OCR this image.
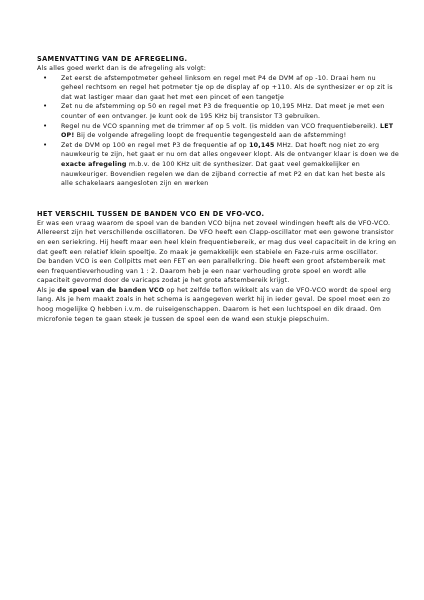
SAMENVATTING VAN DE AFREGELING.

Als alles goed werkt dan is de afregeling als volgt:

• Zet eerst de afstempotmeter geheel linksom en regel met P4 de DVM af op -10. Draai hem nu geheel rechtsom en regel het potmeter tje op de display af op +110. Als de synthesizer er op zit is dat wat lastiger maar dan gaat het met een pincet of een tangetje
• Zet nu de afstemming op 50 en regel met P3 de frequentie op 10,195 MHz. Dat meet je met een counter of een ontvanger. Je kunt ook de 195 KHz bij transistor T3 gebruiken.
• Regel nu de VCO spanning met de trimmer af op 5 volt. (is midden van VCO frequentiebereik). LET OP! Bij de volgende afregeling loopt de frequentie tegengesteld aan de afstemming!
• Zet de DVM op 100 en regel met P3 de frequentie af op 10,145 MHz. Dat hoeft nog niet zo erg nauwkeurig te zijn, het gaat er nu om dat alles ongeveer klopt. Als de ontvanger klaar is doen we de exacte afregeling m.b.v. de 100 KHz uit de synthesizer. Dat gaat veel gemakkelijker en nauwkeuriger. Bovendien regelen we dan de zijband correctie af met P2 en dat kan het beste als alle schakelaars aangesloten zijn en werken

HET VERSCHIL TUSSEN DE BANDEN VCO EN DE VFO-VCO.

Er was een vraag waarom de spoel van de banden VCO bijna net zoveel windingen heeft als de VFO-VCO.

Allereerst zijn het verschillende oscillatoren. De VFO heeft een Clapp-oscillator met een gewone transistor en een seriekring. Hij heeft maar een heel klein frequentiebereik, er mag dus veel capaciteit in de kring en dat geeft een relatief klein spoeltje. Zo maak je gemakkelijk een stabiele en Faze-ruis arme oscillator.

De banden VCO is een Collpitts met een FET en een parallelkring. Die heeft een groot afstembereik met een frequentieverhouding van 1 : 2. Daarom heb je een naar verhouding grote spoel en wordt alle capaciteit gevormd door de varicaps zodat je het grote afstembereik krijgt.

Als je de spoel van de banden VCO op het zelfde teflon wikkelt als van de VFO-VCO wordt de spoel erg lang. Als je hem maakt zoals in het schema is aangegeven werkt hij in ieder geval. De spoel moet een zo hoog mogelijke Q hebben i.v.m. de ruiseigenschappen. Daarom is het een luchtspoel en dik draad. Om microfonie tegen te gaan steek je tussen de spoel een de wand een stukje piepschuim.
